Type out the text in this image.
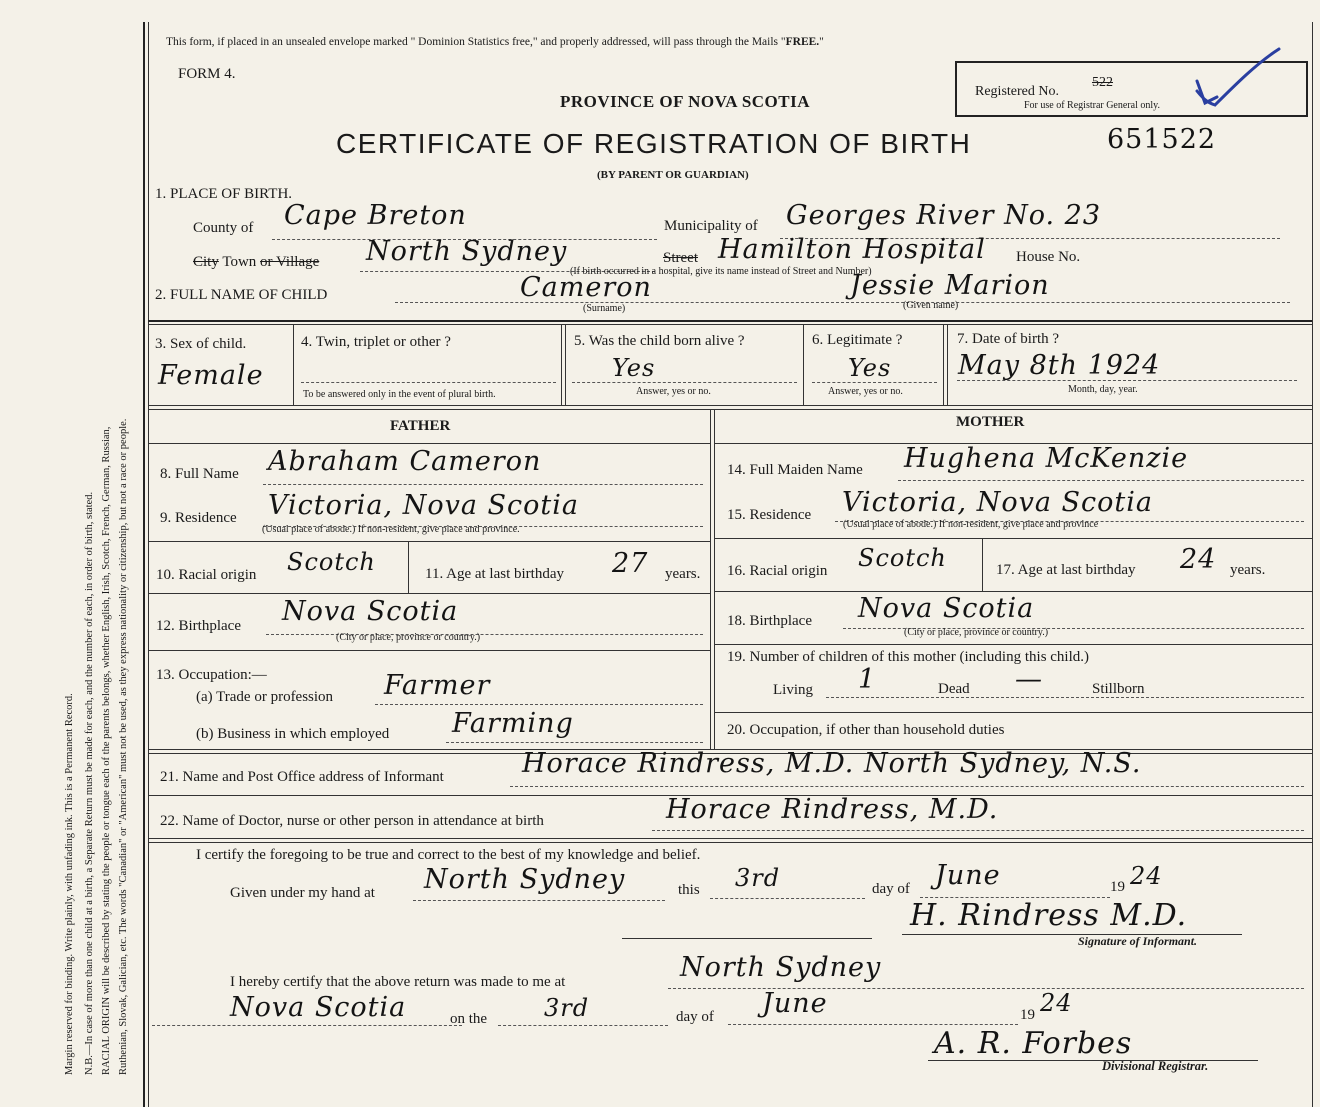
Margin reserved for binding. Write plainly, with unfading ink. This is a Permanent Record. N.B.—In case of more than one child at a birth, a Separate Return must be made for each, and the number of each, in order of birth, stated. RACIAL ORIGIN will be described by stating the people or tongue each of the parents belongs, whether English, Irish, Scotch, French, German, Russian, Ruthenian, Slovak, Galician, etc. The words "Canadian" or "American" must not be used, as they express nationality or citizenship, but not a race or people.
This form, if placed in an unsealed envelope marked " Dominion Statistics free," and properly addressed, will pass through the Mails "FREE."
FORM 4.
PROVINCE OF NOVA SCOTIA
CERTIFICATE OF REGISTRATION OF BIRTH
(BY PARENT OR GUARDIAN)
651522
Registered No.
522
For use of Registrar General only.
1. PLACE OF BIRTH.
County of Cape Breton	Municipality of Georges River No. 23
City Town or Village North Sydney	Street Hamilton Hospital House No.
(If birth occurred in a hospital, give its name instead of Street and Number)
2. FULL NAME OF CHILD	Cameron	Jessie Marion
(Surname)	(Given name)
3. Sex of child.
Female
4. Twin, triplet or other ?
To be answered only in the event of plural birth.
5. Was the child born alive ?
Yes
Answer, yes or no.
6. Legitimate ?
Yes
Answer, yes or no.
7. Date of birth ?
May 8th 1924
Month, day, year.
FATHER	MOTHER
8. Full Name Abraham Cameron
9. Residence Victoria, Nova Scotia
(Usual place of abode.) If non-resident, give place and province.
10. Racial origin Scotch	11. Age at last birthday 27 years.
12. Birthplace Nova Scotia
(City or place, province or country.)
13. Occupation:—
(a) Trade or profession Farmer
(b) Business in which employed Farming
14. Full Maiden Name Hughena McKenzie
15. Residence Victoria, Nova Scotia
(Usual place of abode.) If non-resident, give place and province
16. Racial origin Scotch	17. Age at last birthday 24 years.
18. Birthplace Nova Scotia
(City or place, province or country.)
19. Number of children of this mother (including this child.)
Living 1	Dead —	Stillborn
20. Occupation, if other than household duties
21. Name and Post Office address of Informant	Horace Rindress, M.D. North Sydney, N.S.
22. Name of Doctor, nurse or other person in attendance at birth	Horace Rindress, M.D.
I certify the foregoing to be true and correct to the best of my knowledge and belief.
Given under my hand at North Sydney	this 3rd	day of June	19 24
H. Rindress M.D.
Signature of Informant.
I hereby certify that the above return was made to me at	North Sydney
Nova Scotia	on the 3rd	day of June	19 24
A. R. Forbes
Divisional Registrar.
